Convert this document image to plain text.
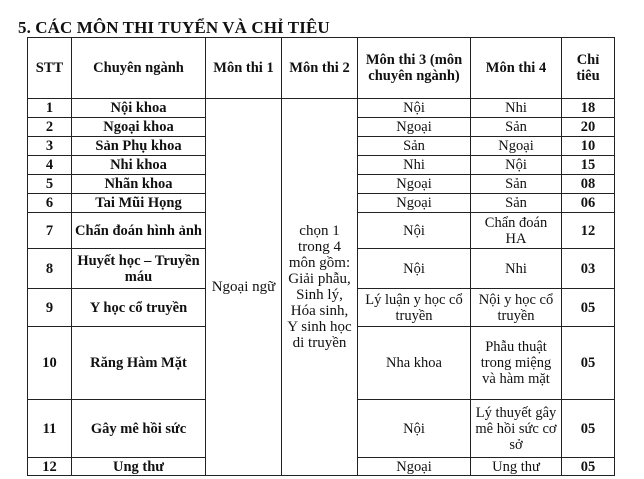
5. CÁC MÔN THI TUYỂN VÀ CHỈ TIÊU
STT	Chuyên ngành	Môn thi 1	Môn thi 2	Môn thi 3 (môn chuyên ngành)	Môn thi 4	Chỉ tiêu
1	Nội khoa	Ngoại ngữ	chọn 1 trong 4 môn gồm: Giải phẫu, Sinh lý, Hóa sinh, Y sinh học di truyền	Nội	Nhi	18
2	Ngoại khoa			Ngoại	Sản	20
3	Sản Phụ khoa			Sản	Ngoại	10
4	Nhi khoa			Nhi	Nội	15
5	Nhãn khoa			Ngoại	Sản	08
6	Tai Mũi Họng			Ngoại	Sản	06
7	Chẩn đoán hình ảnh			Nội	Chẩn đoán HA	12
8	Huyết học – Truyền máu			Nội	Nhi	03
9	Y học cổ truyền			Lý luận y học cổ truyền	Nội y học cổ truyền	05
10	Răng Hàm Mặt			Nha khoa	Phẫu thuật trong miệng và hàm mặt	05
11	Gây mê hồi sức			Nội	Lý thuyết gây mê hồi sức cơ sở	05
12	Ung thư			Ngoại	Ung thư	05
